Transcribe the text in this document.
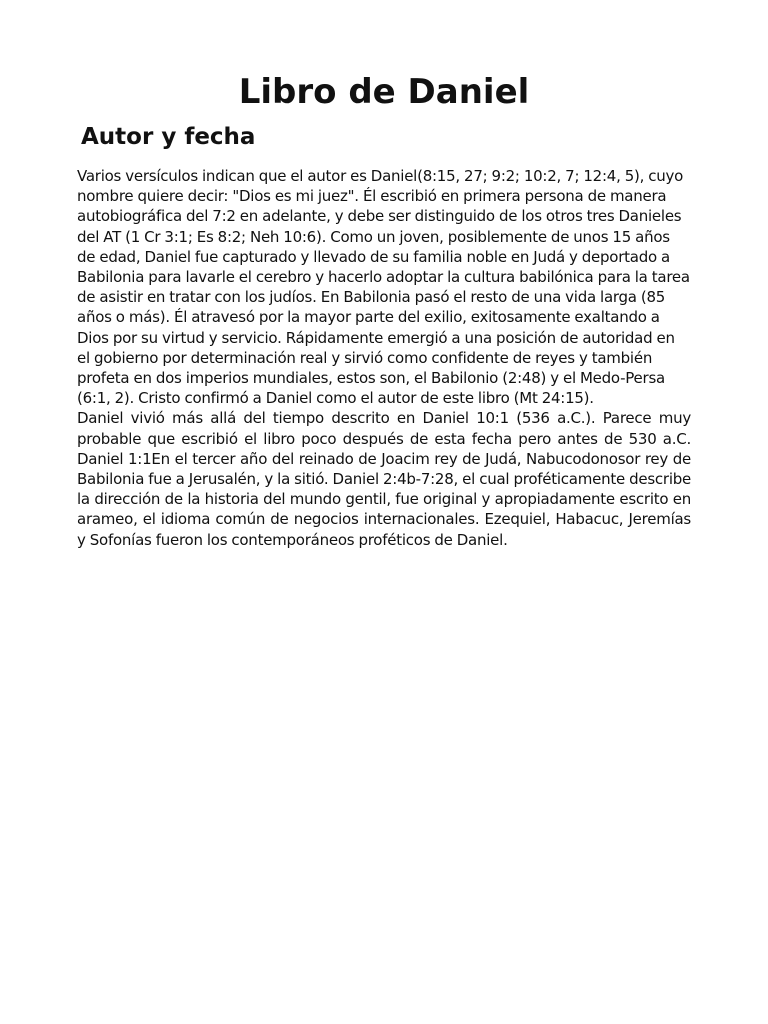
Libro de Daniel
Autor y fecha

Varios versículos indican que el autor es Daniel(8:15, 27; 9:2; 10:2, 7; 12:4, 5), cuyo nombre quiere decir: "Dios es mi juez". Él escribió en primera persona de manera autobiográfica del 7:2 en adelante, y debe ser distinguido de los otros tres Danieles del AT (1 Cr 3:1; Es 8:2; Neh 10:6). Como un joven, posiblemente de unos 15 años de edad, Daniel fue capturado y llevado de su familia noble en Judá y deportado a Babilonia para lavarle el cerebro y hacerlo adoptar la cultura babilónica para la tarea de asistir en tratar con los judíos. En Babilonia pasó el resto de una vida larga (85 años o más). Él atravesó por la mayor parte del exilio, exitosamente exaltando a Dios por su virtud y servicio. Rápidamente emergió a una posición de autoridad en el gobierno por determinación real y sirvió como confidente de reyes y también profeta en dos imperios mundiales, estos son, el Babilonio (2:48) y el Medo-Persa (6:1, 2). Cristo confirmó a Daniel como el autor de este libro (Mt 24:15).

Daniel vivió más allá del tiempo descrito en Daniel 10:1 (536 a.C.). Parece muy probable que escribió el libro poco después de esta fecha pero antes de 530 a.C. Daniel 1:1En el tercer año del reinado de Joacim rey de Judá, Nabucodonosor rey de Babilonia fue a Jerusalén, y la sitió. Daniel 2:4b-7:28, el cual proféticamente describe la dirección de la historia del mundo gentil, fue original y apropiadamente escrito en arameo, el idioma común de negocios internacionales. Ezequiel, Habacuc, Jeremías y Sofonías fueron los contemporáneos proféticos de Daniel.
